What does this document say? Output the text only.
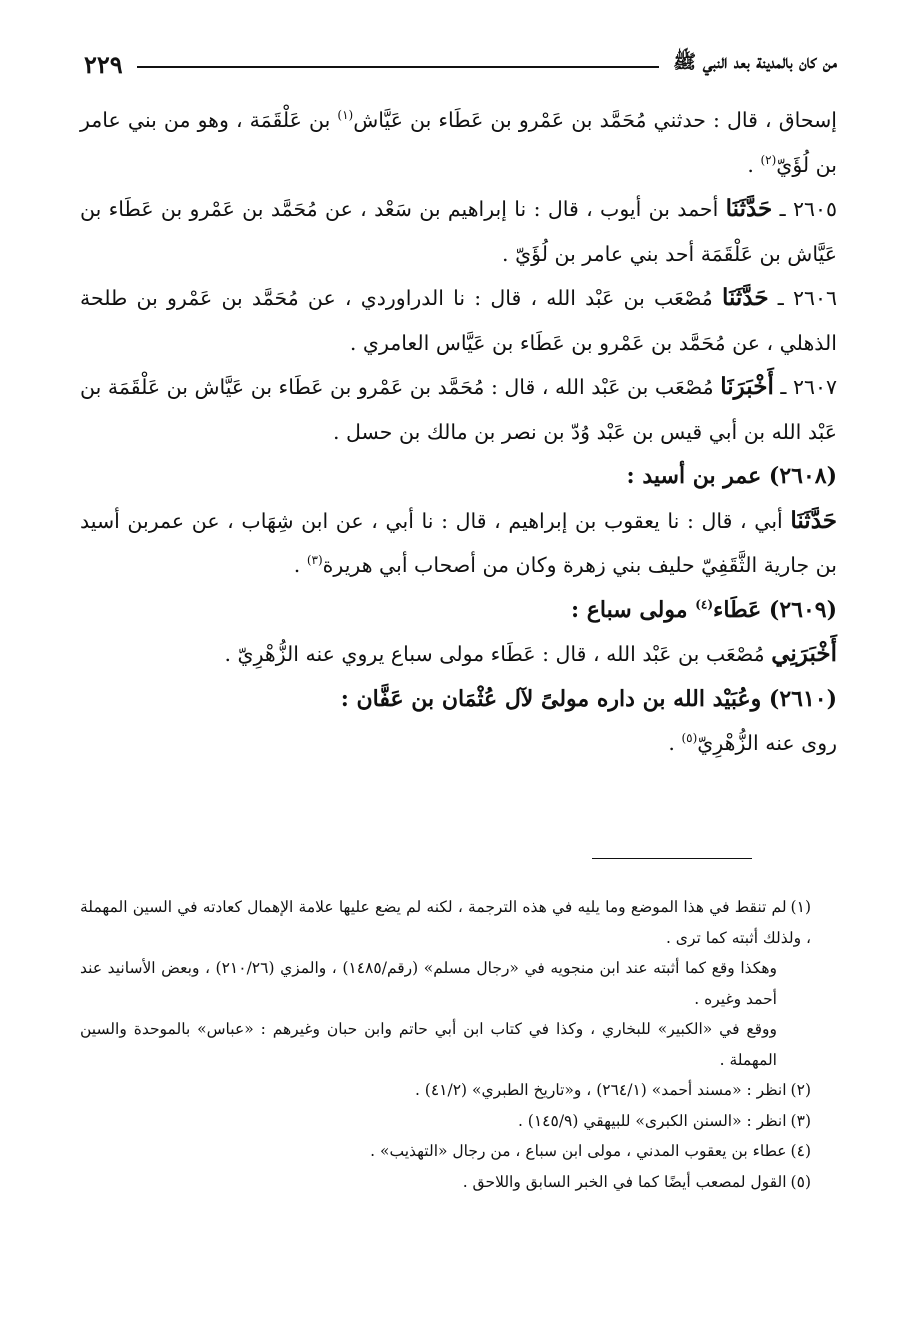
من كان بالمدينة بعد النبي ﷺ
٢٢٩

إسحاق ، قال : حدثني مُحَمَّد بن عَمْرو بن عَطَاء بن عَيَّاش$^{(١)}$ بن عَلْقَمَة ، وهو من بني عامر بن لُؤَيّ$^{(٢)}$ .

٢٦٠٥ ـ حَدَّثَنَا أحمد بن أيوب ، قال : نا إبراهيم بن سَعْد ، عن مُحَمَّد بن عَمْرو بن عَطَاء بن عَيَّاش بن عَلْقَمَة أحد بني عامر بن لُؤَيّ .

٢٦٠٦ ـ حَدَّثَنَا مُصْعَب بن عَبْد الله ، قال : نا الدراوردي ، عن مُحَمَّد بن عَمْرو بن طلحة الذهلي ، عن مُحَمَّد بن عَمْرو بن عَطَاء بن عَيَّاس العامري .

٢٦٠٧ ـ أَخْبَرَنَا مُصْعَب بن عَبْد الله ، قال : مُحَمَّد بن عَمْرو بن عَطَاء بن عَيَّاش بن عَلْقَمَة بن عَبْد الله بن أبي قيس بن عَبْد وُدّ بن نصر بن مالك بن حسل .

(٢٦٠٨) عمر بن أسيد :

حَدَّثَنَا أبي ، قال : نا يعقوب بن إبراهيم ، قال : نا أبي ، عن ابن شِهَاب ، عن عمربن أسيد بن جارية الثَّقَفِيّ حليف بني زهرة وكان من أصحاب أبي هريرة$^{(٣)}$ .

(٢٦٠٩) عَطَاء$^{(٤)}$ مولى سباع :

أَخْبَرَنِي مُصْعَب بن عَبْد الله ، قال : عَطَاء مولى سباع يروي عنه الزُّهْرِيّ .

(٢٦١٠) وعُبَيْد الله بن داره مولىً لآل عُثْمَان بن عَفَّان :

روى عنه الزُّهْرِيّ$^{(٥)}$ .

(١)لم تنقط في هذا الموضع وما يليه في هذه الترجمة ، لكنه لم يضع عليها علامة الإهمال كعادته في السين المهملة ، ولذلك أثبته كما ترى .

وهكذا وقع كما أثبته عند ابن منجويه في «رجال مسلم» (رقم/١٤٨٥) ، والمزي (٢١٠/٢٦) ، وبعض الأسانيد عند أحمد وغيره .

ووقع في «الكبير» للبخاري ، وكذا في كتاب ابن أبي حاتم وابن حبان وغيرهم : «عباس» بالموحدة والسين المهملة .

(٢)انظر : «مسند أحمد» (٢٦٤/١) ، و«تاريخ الطبري» (٤١/٢) .

(٣)انظر : «السنن الكبرى» للبيهقي (١٤٥/٩) .

(٤)عطاء بن يعقوب المدني ، مولى ابن سباع ، من رجال «التهذيب» .

(٥)القول لمصعب أيضًا كما في الخبر السابق واللاحق .
